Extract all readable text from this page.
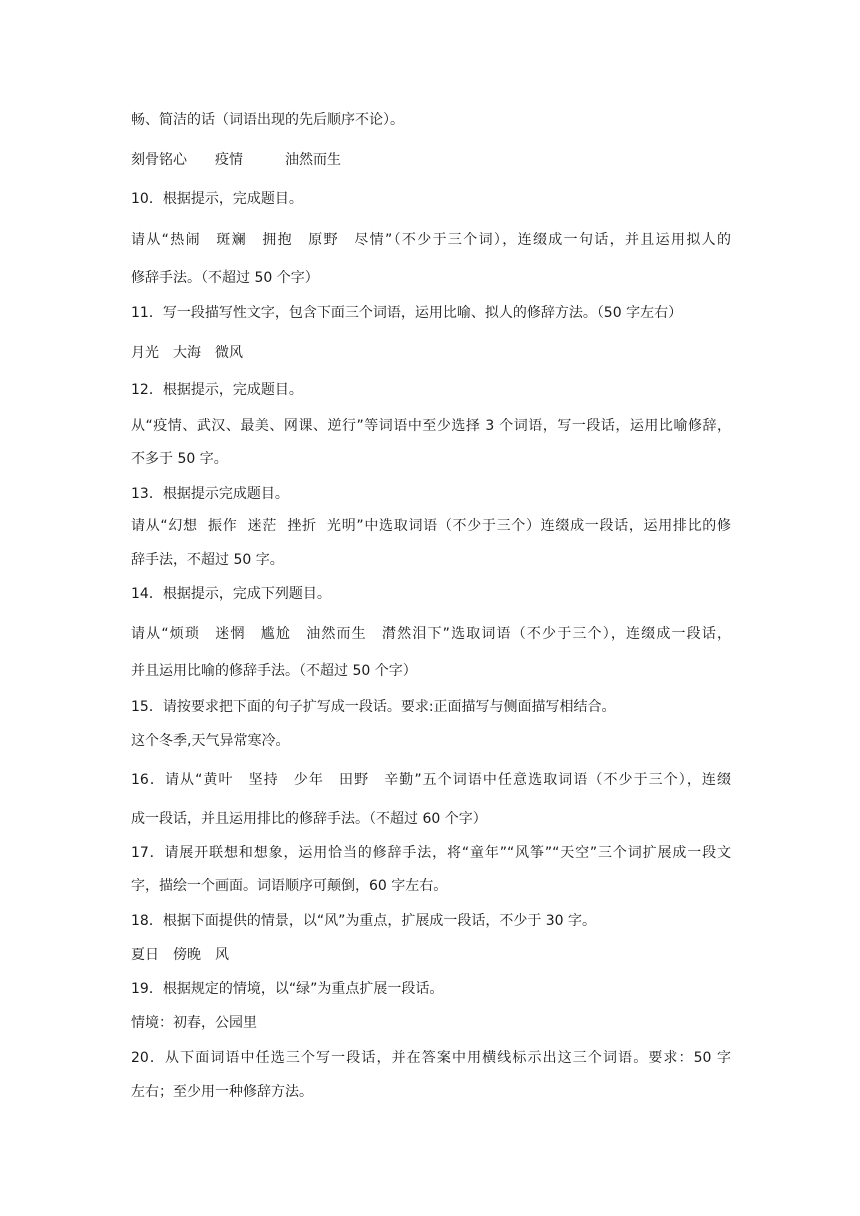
畅、简洁的话（词语出现的先后顺序不论）。
刻骨铭心　　疫情　　　油然而生
10．根据提示，完成题目。
请从“热闹　斑斓　拥抱　原野　尽情”（不少于三个词），连缀成一句话，并且运用拟人的
修辞手法。（不超过 50 个字）
11．写一段描写性文字，包含下面三个词语，运用比喻、拟人的修辞方法。（50 字左右）
月光　大海　微风
12．根据提示，完成题目。
从“疫情、武汉、最美、网课、逆行”等词语中至少选择 3 个词语，写一段话，运用比喻修辞，
不多于 50 字。
13．根据提示完成题目。
请从“幻想  振作  迷茫  挫折  光明”中选取词语（不少于三个）连缀成一段话，运用排比的修
辞手法，不超过 50 字。
14．根据提示，完成下列题目。
请从“烦琐　迷惘　尴尬　油然而生　潸然泪下”选取词语（不少于三个），连缀成一段话，
并且运用比喻的修辞手法。（不超过 50 个字）
15．请按要求把下面的句子扩写成一段话。要求:正面描写与侧面描写相结合。
这个冬季,天气异常寒冷。
16．请从“黄叶　坚持　少年　田野　辛勤”五个词语中任意选取词语（不少于三个），连缀
成一段话，并且运用排比的修辞手法。（不超过 60 个字）
17．请展开联想和想象，运用恰当的修辞手法，将“童年”“风筝”“天空”三个词扩展成一段文
字，描绘一个画面。词语顺序可颠倒，60 字左右。
18．根据下面提供的情景，以“风”为重点，扩展成一段话，不少于 30 字。
夏日　傍晚　风
19．根据规定的情境，以“绿”为重点扩展一段话。
情境：初春，公园里
20．从下面词语中任选三个写一段话，并在答案中用横线标示出这三个词语。要求：50 字
左右；至少用一种修辞方法。
